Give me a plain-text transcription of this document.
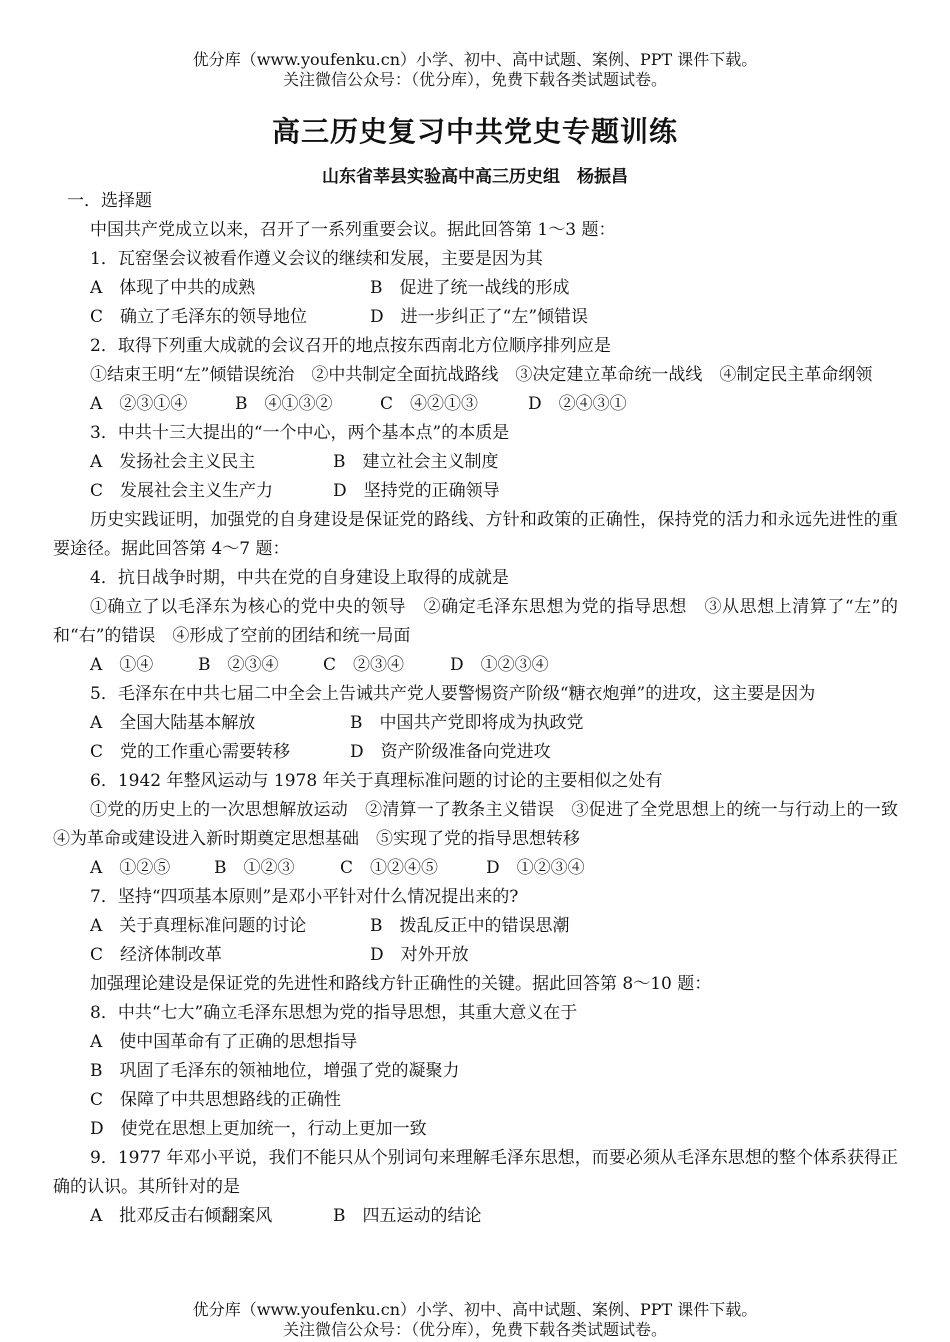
优分库（www.youfenku.cn）小学、初中、高中试题、案例、PPT 课件下载。
关注微信公众号：（优分库），免费下载各类试题试卷。
高三历史复习中共党史专题训练
山东省莘县实验高中高三历史组　杨振昌
一．选择题
中国共产党成立以来，召开了一系列重要会议。据此回答第 1～3 题：
1．瓦窑堡会议被看作遵义会议的继续和发展，主要是因为其
A　体现了中共的成熟	B　促进了统一战线的形成
C　确立了毛泽东的领导地位	D　进一步纠正了“左”倾错误
2．取得下列重大成就的会议召开的地点按东西南北方位顺序排列应是
①结束王明“左”倾错误统治　②中共制定全面抗战路线　③决定建立革命统一战线　④制定民主革命纲领
A　②③①④	B　④①③②	C　④②①③	D　②④③①
3．中共十三大提出的“一个中心，两个基本点”的本质是
A　发扬社会主义民主	B　建立社会主义制度
C　发展社会主义生产力	D　坚持党的正确领导
历史实践证明，加强党的自身建设是保证党的路线、方针和政策的正确性，保持党的活力和永远先进性的重要途径。据此回答第 4～7 题：
4．抗日战争时期，中共在党的自身建设上取得的成就是
①确立了以毛泽东为核心的党中央的领导　②确定毛泽东思想为党的指导思想　③从思想上清算了“左”的和“右”的错误　④形成了空前的团结和统一局面
A　①④	B　②③④	C　②③④	D　①②③④
5．毛泽东在中共七届二中全会上告诫共产党人要警惕资产阶级“糖衣炮弹”的进攻，这主要是因为
A　全国大陆基本解放	B　中国共产党即将成为执政党
C　党的工作重心需要转移	D　资产阶级准备向党进攻
6．1942 年整风运动与 1978 年关于真理标准问题的讨论的主要相似之处有
①党的历史上的一次思想解放运动　②清算一了教条主义错误　③促进了全党思想上的统一与行动上的一致　④为革命或建设进入新时期奠定思想基础　⑤实现了党的指导思想转移
A　①②⑤	B　①②③	C　①②④⑤	D　①②③④
7．坚持“四项基本原则”是邓小平针对什么情况提出来的?
A　关于真理标准问题的讨论	B　拨乱反正中的错误思潮
C　经济体制改革	D　对外开放
加强理论建设是保证党的先进性和路线方针正确性的关键。据此回答第 8～10 题：
8．中共“七大”确立毛泽东思想为党的指导思想，其重大意义在于
A　使中国革命有了正确的思想指导
B　巩固了毛泽东的领袖地位，增强了党的凝聚力
C　保障了中共思想路线的正确性
D　使党在思想上更加统一，行动上更加一致
9．1977 年邓小平说，我们不能只从个别词句来理解毛泽东思想，而要必须从毛泽东思想的整个体系获得正确的认识。其所针对的是
A　批邓反击右倾翻案风	B　四五运动的结论
优分库（www.youfenku.cn）小学、初中、高中试题、案例、PPT 课件下载。
关注微信公众号：（优分库），免费下载各类试题试卷。
